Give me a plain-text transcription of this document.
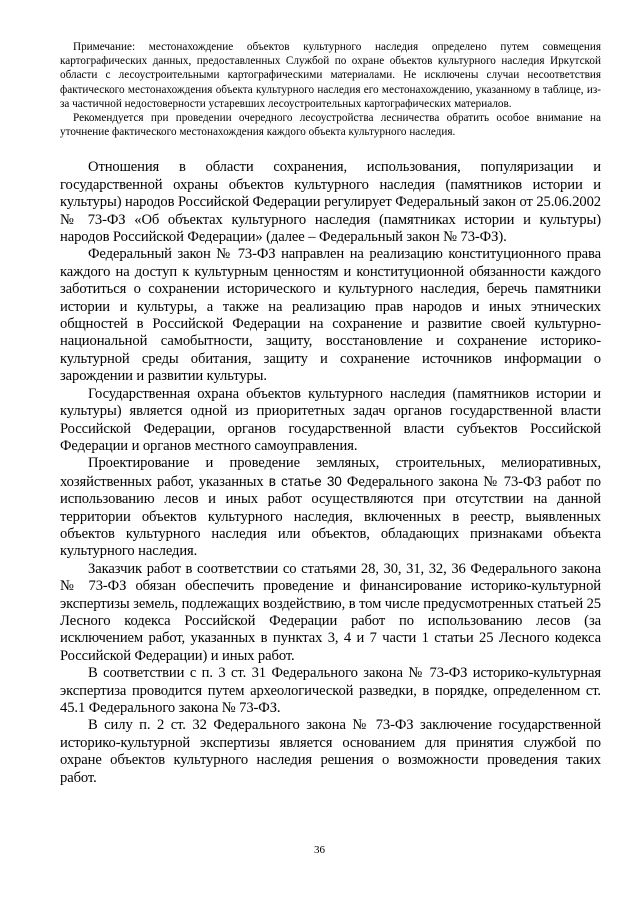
Примечание: местонахождение объектов культурного наследия определено путем совмещения картографических данных, предоставленных Службой по охране объектов культурного наследия Иркутской области с лесоустроительными картографическими материалами. Не исключены случаи несоответствия фактического местонахождения объекта культурного наследия его местонахождению, указанному в таблице, из-за частичной недостоверности устаревших лесоустроительных картографических материалов.

Рекомендуется при проведении очередного лесоустройства лесничества обратить особое внимание на уточнение фактического местонахождения каждого объекта культурного наследия.

Отношения в области сохранения, использования, популяризации и государственной охраны объектов культурного наследия (памятников истории и культуры) народов Российской Федерации регулирует Федеральный закон от 25.06.2002 № 73-ФЗ «Об объектах культурного наследия (памятниках истории и культуры) народов Российской Федерации» (далее – Федеральный закон № 73-ФЗ).

Федеральный закон № 73-ФЗ направлен на реализацию конституционного права каждого на доступ к культурным ценностям и конституционной обязанности каждого заботиться о сохранении исторического и культурного наследия, беречь памятники истории и культуры, а также на реализацию прав народов и иных этнических общностей в Российской Федерации на сохранение и развитие своей культурно-национальной самобытности, защиту, восстановление и сохранение историко-культурной среды обитания, защиту и сохранение источников информации о зарождении и развитии культуры.

Государственная охрана объектов культурного наследия (памятников истории и культуры) является одной из приоритетных задач органов государственной власти Российской Федерации, органов государственной власти субъектов Российской Федерации и органов местного самоуправления.

Проектирование и проведение земляных, строительных, мелиоративных, хозяйственных работ, указанных в статье 30 Федерального закона № 73-ФЗ работ по использованию лесов и иных работ осуществляются при отсутствии на данной территории объектов культурного наследия, включенных в реестр, выявленных объектов культурного наследия или объектов, обладающих признаками объекта культурного наследия.

Заказчик работ в соответствии со статьями 28, 30, 31, 32, 36 Федерального закона № 73-ФЗ обязан обеспечить проведение и финансирование историко-культурной экспертизы земель, подлежащих воздействию, в том числе предусмотренных статьей 25 Лесного кодекса Российской Федерации работ по использованию лесов (за исключением работ, указанных в пунктах 3, 4 и 7 части 1 статьи 25 Лесного кодекса Российской Федерации) и иных работ.

В соответствии с п. 3 ст. 31 Федерального закона № 73-ФЗ историко-культурная экспертиза проводится путем археологической разведки, в порядке, определенном ст. 45.1 Федерального закона № 73-ФЗ.

В силу п. 2 ст. 32 Федерального закона № 73-ФЗ заключение государственной историко-культурной экспертизы является основанием для принятия службой по охране объектов культурного наследия решения о возможности проведения таких работ.

36
